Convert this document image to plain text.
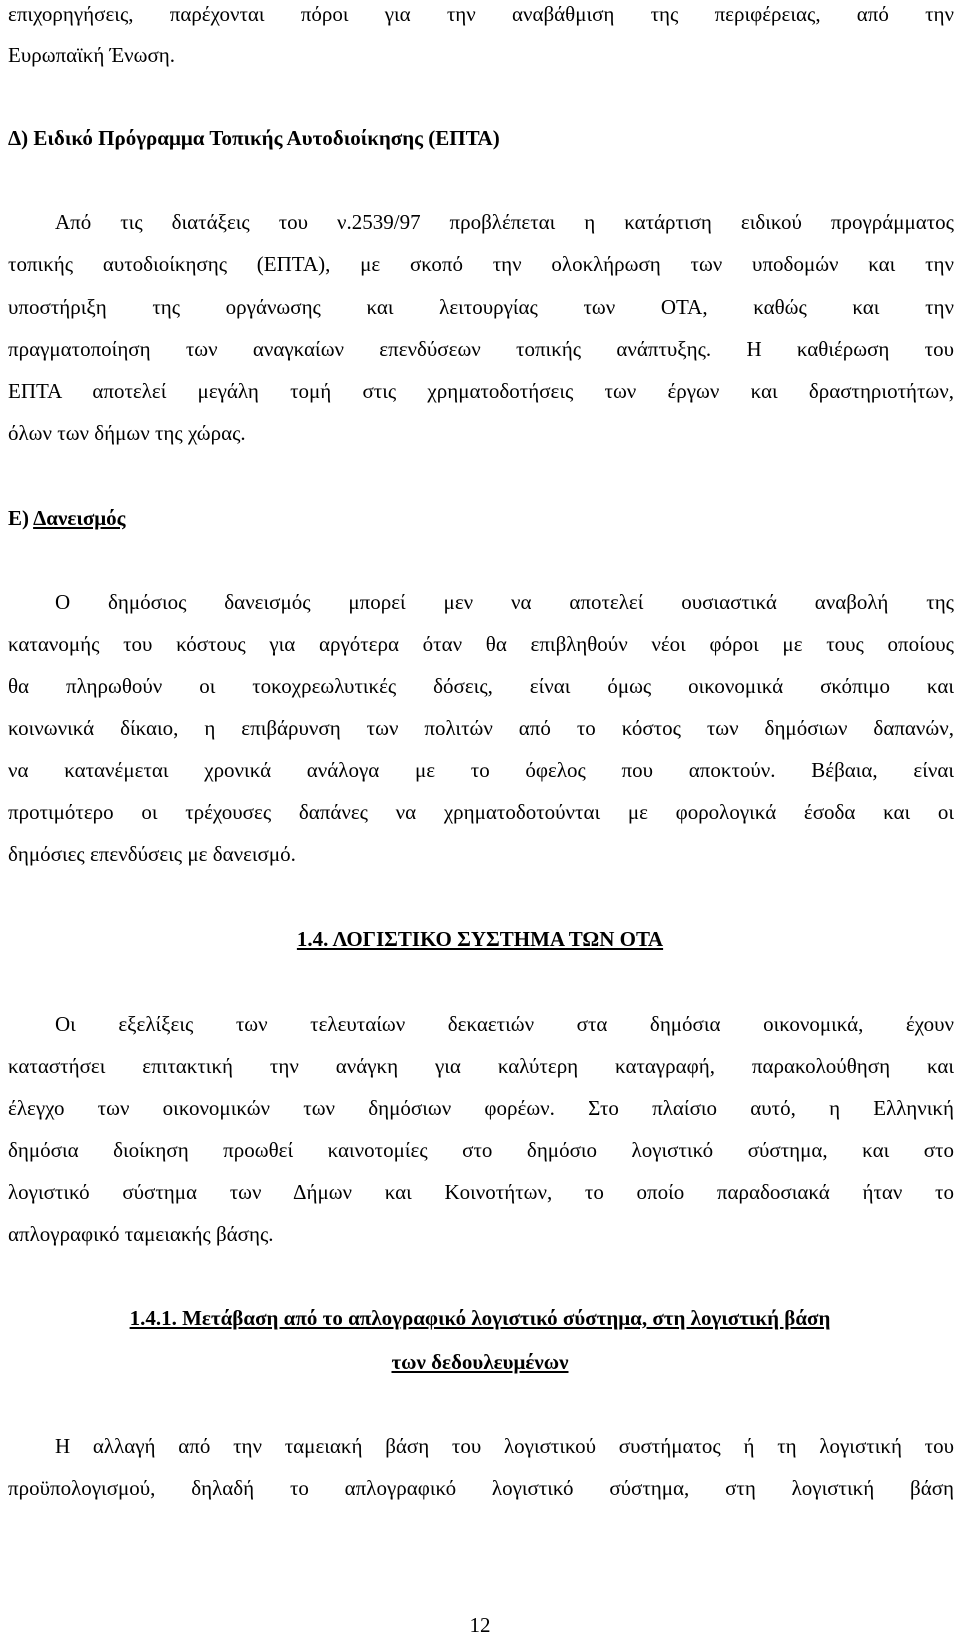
επιχορηγήσεις, παρέχονται πόροι για την αναβάθμιση της περιφέρειας, από την
Ευρωπαϊκή Ένωση.
Δ) Ειδικό Πρόγραμμα Τοπικής Αυτοδιοίκησης (ΕΠΤΑ)
Από τις διατάξεις του ν.2539/97 προβλέπεται η κατάρτιση ειδικού προγράμματος
τοπικής αυτοδιοίκησης (ΕΠΤΑ), με σκοπό την ολοκλήρωση των υποδομών και την
υποστήριξη της οργάνωσης και λειτουργίας των ΟΤΑ, καθώς και την
πραγματοποίηση των αναγκαίων επενδύσεων τοπικής ανάπτυξης. Η καθιέρωση του
ΕΠΤΑ αποτελεί μεγάλη τομή στις χρηματοδοτήσεις των έργων και δραστηριοτήτων,
όλων των δήμων της χώρας.
Ε) Δανεισμός
Ο δημόσιος δανεισμός μπορεί μεν να αποτελεί ουσιαστικά αναβολή της
κατανομής του κόστους για αργότερα όταν θα επιβληθούν νέοι φόροι με τους οποίους
θα πληρωθούν οι τοκοχρεωλυτικές δόσεις, είναι όμως οικονομικά σκόπιμο και
κοινωνικά δίκαιο, η επιβάρυνση των πολιτών από το κόστος των δημόσιων δαπανών,
να κατανέμεται χρονικά ανάλογα με το όφελος που αποκτούν. Βέβαια, είναι
προτιμότερο οι τρέχουσες δαπάνες να χρηματοδοτούνται με φορολογικά έσοδα και οι
δημόσιες επενδύσεις με δανεισμό.
1.4. ΛΟΓΙΣΤΙΚΟ ΣΥΣΤΗΜΑ ΤΩΝ ΟΤΑ
Οι εξελίξεις των τελευταίων δεκαετιών στα δημόσια οικονομικά, έχουν
καταστήσει επιτακτική την ανάγκη για καλύτερη καταγραφή, παρακολούθηση και
έλεγχο των οικονομικών των δημόσιων φορέων. Στο πλαίσιο αυτό, η Ελληνική
δημόσια διοίκηση προωθεί καινοτομίες στο δημόσιο λογιστικό σύστημα, και στο
λογιστικό σύστημα των Δήμων και Κοινοτήτων, το οποίο παραδοσιακά ήταν το
απλογραφικό ταμειακής βάσης.
1.4.1. Μετάβαση από το απλογραφικό λογιστικό σύστημα, στη λογιστική βάση
των δεδουλευμένων
Η αλλαγή από την ταμειακή βάση του λογιστικού συστήματος ή τη λογιστική του
προϋπολογισμού, δηλαδή το απλογραφικό λογιστικό σύστημα, στη λογιστική βάση
12
